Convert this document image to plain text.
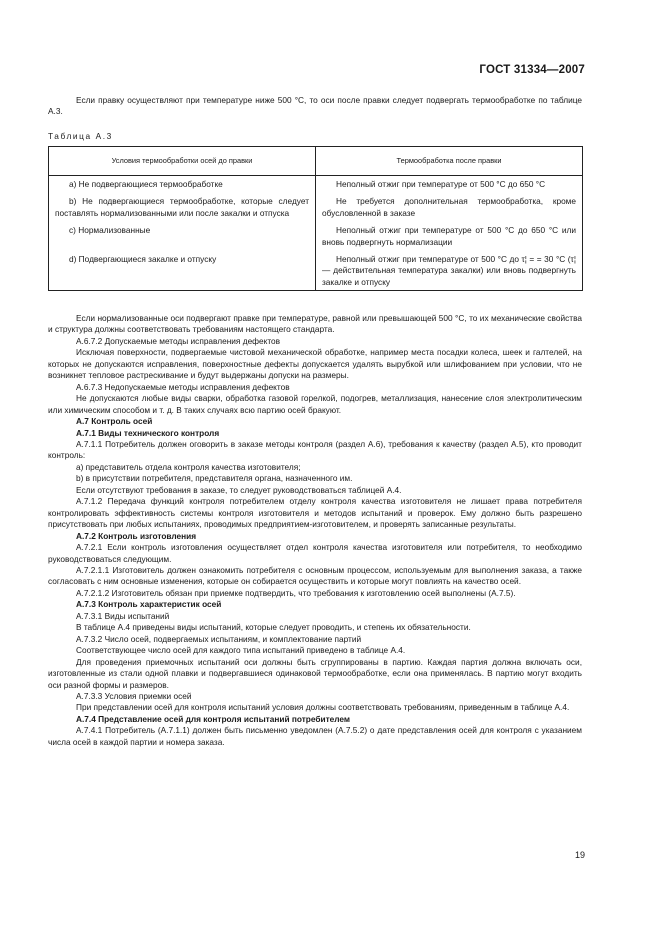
ГОСТ 31334—2007

Если правку осуществляют при температуре ниже 500 °С, то оси после правки следует подвергать термообработке по таблице А.3.

Таблица А.3
Условия термообработки осей до правки	Термообработка после правки

а) Не подвергающиеся термообработке	Неполный отжиг при температуре от 500 °С до 650 °С

b) Не подвергающиеся термообработке, которые следует поставлять нормализованными или после закалки и отпуска	Не требуется дополнительная термообработка, кроме обусловленной в заказе

с) Нормализованные	Неполный отжиг при температуре от 500 °С до 650 °С или вновь подвергнуть нормализации

d) Подвергающиеся закалке и отпуску	Неполный отжиг при температуре от 500 °С до τ¦ = = 30 °С (τ¦ — действительная температура закалки) или вновь подвергнуть закалке и отпуску

Если нормализованные оси подвергают правке при температуре, равной или превышающей 500 °С, то их механические свойства и структура должны соответствовать требованиям настоящего стандарта.

А.6.7.2 Допускаемые методы исправления дефектов

Исключая поверхности, подвергаемые чистовой механической обработке, например места посадки колеса, шеек и галтелей, на которых не допускаются исправления, поверхностные дефекты допускается удалять вырубкой или шлифованием при условии, что не возникнет тепловое растрескивание и будут выдержаны допуски на размеры.

А.6.7.3 Недопускаемые методы исправления дефектов

Не допускаются любые виды сварки, обработка газовой горелкой, подогрев, металлизация, нанесение слоя электролитическим или химическим способом и т. д. В таких случаях всю партию осей бракуют.

А.7 Контроль осей

А.7.1 Виды технического контроля

А.7.1.1 Потребитель должен оговорить в заказе методы контроля (раздел А.6), требования к качеству (раздел А.5), кто проводит контроль:

a) представитель отдела контроля качества изготовителя;

b) в присутствии потребителя, представителя органа, назначенного им.

Если отсутствуют требования в заказе, то следует руководствоваться таблицей А.4.

А.7.1.2 Передача функций контроля потребителем отделу контроля качества изготовителя не лишает права потребителя контролировать эффективность системы контроля изготовителя и методов испытаний и проверок. Ему должно быть разрешено присутствовать при любых испытаниях, проводимых предприятием-изготовителем, и проверять записанные результаты.

А.7.2 Контроль изготовления

А.7.2.1 Если контроль изготовления осуществляет отдел контроля качества изготовителя или потребителя, то необходимо руководствоваться следующим.

А.7.2.1.1 Изготовитель должен ознакомить потребителя с основным процессом, используемым для выполнения заказа, а также согласовать с ним основные изменения, которые он собирается осуществить и которые могут повлиять на качество осей.

А.7.2.1.2 Изготовитель обязан при приемке подтвердить, что требования к изготовлению осей выполнены (А.7.5).

А.7.3 Контроль характеристик осей

А.7.3.1 Виды испытаний

В таблице А.4 приведены виды испытаний, которые следует проводить, и степень их обязательности.

А.7.3.2 Число осей, подвергаемых испытаниям, и комплектование партий

Соответствующее число осей для каждого типа испытаний приведено в таблице А.4.

Для проведения приемочных испытаний оси должны быть сгруппированы в партию. Каждая партия должна включать оси, изготовленные из стали одной плавки и подвергавшиеся одинаковой термообработке, если она применялась. В партию могут входить оси разной формы и размеров.

А.7.3.3 Условия приемки осей

При представлении осей для контроля испытаний условия должны соответствовать требованиям, приведенным в таблице А.4.

А.7.4 Представление осей для контроля испытаний потребителем

А.7.4.1 Потребитель (А.7.1.1) должен быть письменно уведомлен (А.7.5.2) о дате представления осей для контроля с указанием числа осей в каждой партии и номера заказа.

19
